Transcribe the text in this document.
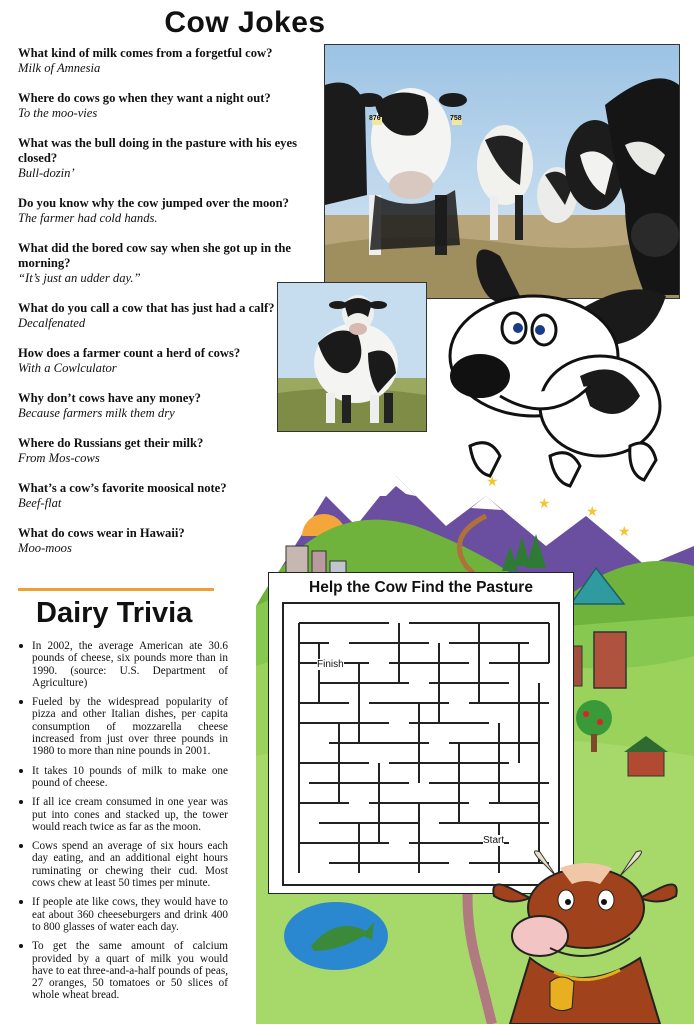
Cow Jokes
What kind of milk comes from a forgetful cow?
Milk of Amnesia
Where do cows go when they want a night out?
To the moo-vies
What was the bull doing in the pasture with his eyes closed?
Bull-dozin’
Do you know why the cow jumped over the moon?
The farmer had cold hands.
What did the bored cow say when she got up in the morning?
“It’s just an udder day.”
What do you call a cow that has just had a calf?
Decalfenated
How does a farmer count a herd of cows?
With a Cowlculator
Why don’t cows have any money?
Because farmers milk them dry
Where do Russians get their milk?
From Mos-cows
What’s a cow’s favorite moosical note?
Beef-flat
What do cows wear in Hawaii?
Moo-moos
Dairy Trivia
In 2002, the average American ate 30.6 pounds of cheese, six pounds more than in 1990. (source: U.S. Department of Agriculture)
Fueled by the widespread popularity of pizza and other Italian dishes, per capita consumption of mozzarella cheese increased from just over three pounds in 1980 to more than nine pounds in 2001.
It takes 10 pounds of milk to make one pound of cheese.
If all ice cream consumed in one year was put into cones and stacked up, the tower would reach twice as far as the moon.
Cows spend an average of six hours each day eating, and an additional eight hours ruminating or chewing their cud. Most cows chew at least 50 times per minute.
If people ate like cows, they would have to eat about 360 cheeseburgers and drink 400 to 800 glasses of water each day.
To get the same amount of calcium provided by a quart of milk you would have to eat three-and-a-half pounds of peas, 27 oranges, 50 tomatoes or 50 slices of whole wheat bread.
876	758
★
★
★
★
Help the Cow Find the Pasture
Finish
Start
